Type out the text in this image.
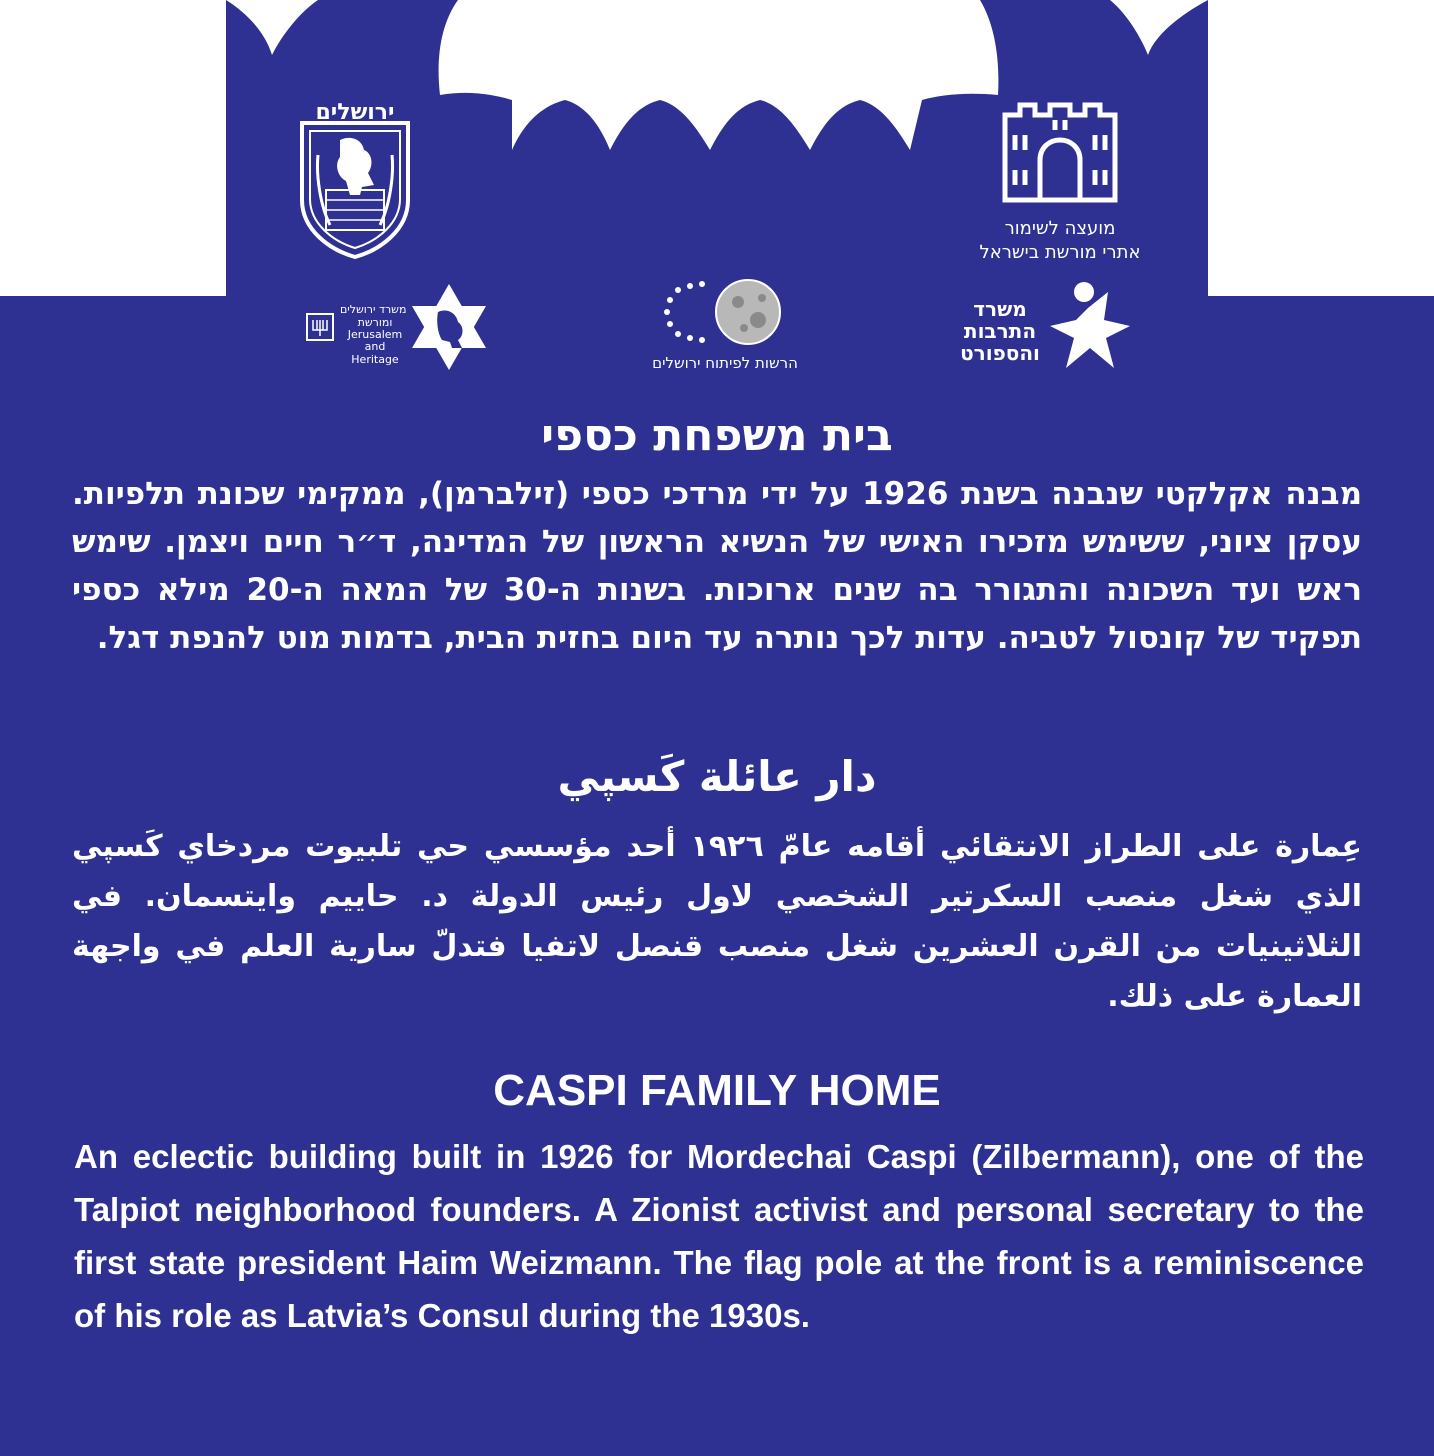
ירושלים
מועצה לשימור
אתרי מורשת בישראל
משרד ירושלים
ומורשת
Jerusalem
and Heritage	הרשות לפיתוח ירושלים
משרד
התרבות
והספורט
בית משפחת כספי
מבנה אקלקטי שנבנה בשנת 1926 על ידי מרדכי כספי (זילברמן), ממקימי שכונת תלפיות. עסקן ציוני, ששימש מזכירו האישי של הנשיא הראשון של המדינה, ד״ר חיים ויצמן. שימש ראש ועד השכונה והתגורר בה שנים ארוכות. בשנות ה-30 של המאה ה-20 מילא כספי תפקיד של קונסול לטביה. עדות לכך נותרה עד היום בחזית הבית, בדמות מוט להנפת דגל.
دار عائلة كَسپي
عِمارة على الطراز الانتقائي أقامه عامّ ١٩٢٦ أحد مؤسسي حي تلبيوت مردخاي كَسپي الذي شغل منصب السكرتير الشخصي لاول رئيس الدولة د. حاييم وايتسمان. في الثلاثينيات من القرن العشرين شغل منصب قنصل لاتفيا فتدلّ سارية العلم في واجهة العمارة على ذلك.
CASPI FAMILY HOME
An eclectic building built in 1926 for Mordechai Caspi (Zilbermann), one of the Talpiot neighborhood founders. A Zionist activist and personal secretary to the first state president Haim Weizmann. The flag pole at the front is a reminiscence of his role as Latvia’s Consul during the 1930s.
